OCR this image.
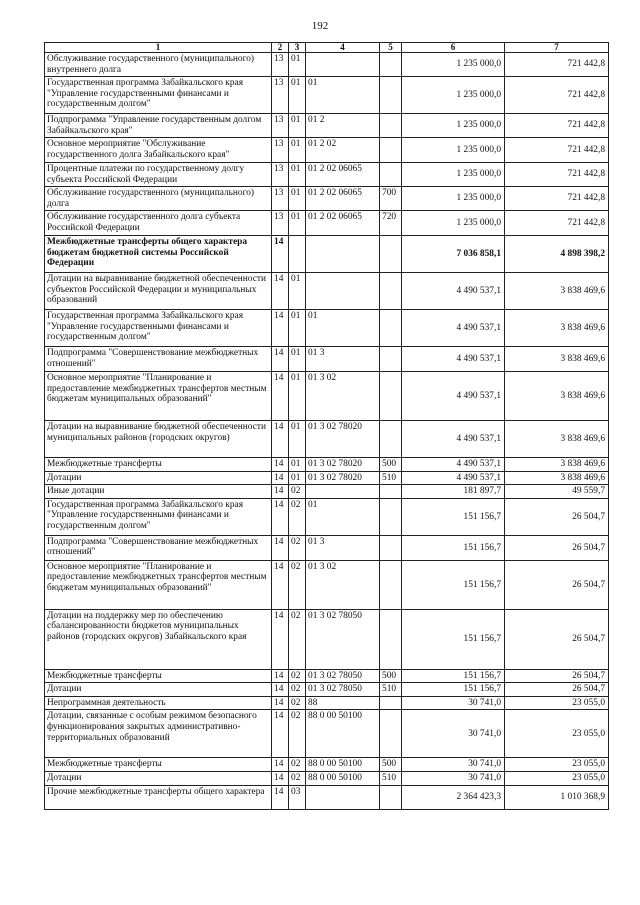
192
1	2	3	4	5	6	7
Обслуживание государственного (муниципального) внутреннего долга	13	01			1 235 000,0	721 442,8
Государственная программа Забайкальского края "Управление государственными финансами и государственным долгом"	13	01	01		1 235 000,0	721 442,8
Подпрограмма "Управление государственным долгом Забайкальского края"	13	01	01 2		1 235 000,0	721 442,8
Основное мероприятие "Обслуживание государственного долга Забайкальского края"	13	01	01 2 02		1 235 000,0	721 442,8
Процентные платежи по государственному долгу субъекта Российской Федерации	13	01	01 2 02 06065		1 235 000,0	721 442,8
Обслуживание государственного (муниципального) долга	13	01	01 2 02 06065	700	1 235 000,0	721 442,8
Обслуживание государственного долга субъекта Российской Федерации	13	01	01 2 02 06065	720	1 235 000,0	721 442,8
Межбюджетные трансферты общего характера бюджетам бюджетной системы Российской Федерации	14				7 036 858,1	4 898 398,2
Дотации на выравнивание бюджетной обеспеченности субъектов Российской Федерации и муниципальных образований	14	01			4 490 537,1	3 838 469,6
Государственная программа Забайкальского края "Управление государственными финансами и государственным долгом"	14	01	01		4 490 537,1	3 838 469,6
Подпрограмма "Совершенствование межбюджетных отношений"	14	01	01 3		4 490 537,1	3 838 469,6
Основное мероприятие "Планирование и предоставление межбюджетных трансфертов местным бюджетам муниципальных образований"	14	01	01 3 02		4 490 537,1	3 838 469,6
Дотации на выравнивание бюджетной обеспеченности муниципальных районов (городских округов)	14	01	01 3 02 78020		4 490 537,1	3 838 469,6
Межбюджетные трансферты	14	01	01 3 02 78020	500	4 490 537,1	3 838 469,6
Дотации	14	01	01 3 02 78020	510	4 490 537,1	3 838 469,6
Иные дотации	14	02			181 897,7	49 559,7
Государственная программа Забайкальского края "Управление государственными финансами и государственным долгом"	14	02	01		151 156,7	26 504,7
Подпрограмма "Совершенствование межбюджетных отношений"	14	02	01 3		151 156,7	26 504,7
Основное мероприятие "Планирование и предоставление межбюджетных трансфертов местным бюджетам муниципальных образований"	14	02	01 3 02		151 156,7	26 504,7
Дотации на поддержку мер по обеспечению сбалансированности бюджетов муниципальных районов (городских округов) Забайкальского края	14	02	01 3 02 78050		151 156,7	26 504,7
Межбюджетные трансферты	14	02	01 3 02 78050	500	151 156,7	26 504,7
Дотации	14	02	01 3 02 78050	510	151 156,7	26 504,7
Непрограммная деятельность	14	02	88		30 741,0	23 055,0
Дотации, связанные с особым режимом безопасного функционирования закрытых административно-территориальных образований	14	02	88 0 00 50100		30 741,0	23 055,0
Межбюджетные трансферты	14	02	88 0 00 50100	500	30 741,0	23 055,0
Дотации	14	02	88 0 00 50100	510	30 741,0	23 055,0
Прочие межбюджетные трансферты общего характера	14	03			2 364 423,3	1 010 368,9
